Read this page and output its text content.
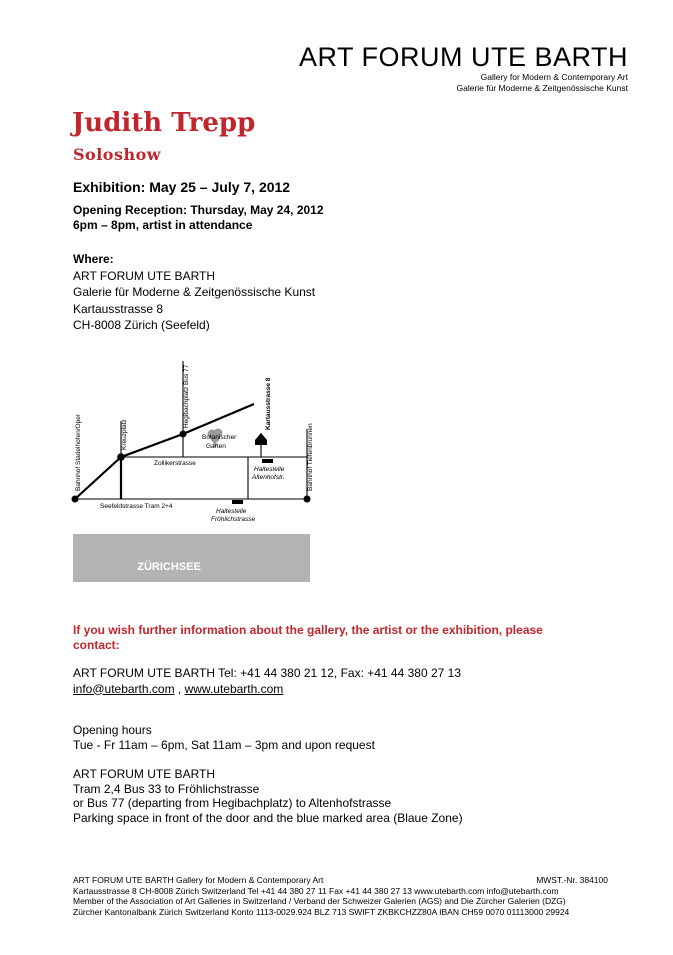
ART FORUM UTE BARTH
Gallery for Modern & Contemporary Art
Galerie für Moderne & Zeitgenössische Kunst
Judith Trepp
Soloshow
Exhibition: May 25 – July 7, 2012
Opening Reception: Thursday, May 24, 2012
6pm – 8pm, artist in attendance
Where:
ART FORUM UTE BARTH
Galerie für Moderne & Zeitgenössische Kunst
Kartausstrasse 8
CH-8008 Zürich (Seefeld)
Bahnhof Stadelhofen/Oper	Kreuzplatz
Hegibachplatz Bus 77	Kartausstrasse 8
Bahnhof Tiefenbrunnen
Botanischer
Garten
Zollikerstrasse
Haltestelle
Altenhofstr.
Seefeldstrasse Tram 2+4
Haltestelle
Fröhlichstrasse
ZÜRICHSEE
If you wish further information about the gallery, the artist or the exhibition, please contact:
ART FORUM UTE BARTH Tel: +41 44 380 21 12, Fax: +41 44 380 27 13
info@utebarth.com , www.utebarth.com
Opening hours
Tue - Fr 11am – 6pm, Sat 11am – 3pm and upon request
ART FORUM UTE BARTH
Tram 2,4 Bus 33 to Fröhlichstrasse
or Bus 77 (departing from Hegibachplatz) to Altenhofstrasse
Parking space in front of the door and the blue marked area (Blaue Zone)
ART FORUM UTE BARTH Gallery for Modern & Contemporary Art	MWST.-Nr. 384100
Kartausstrasse 8 CH-8008 Zürich Switzerland Tel +41 44 380 27 11 Fax +41 44 380 27 13 www.utebarth.com info@utebarth.com
Member of the Association of Art Galleries in Switzerland / Verband der Schweizer Galerien (AGS) and Die Zürcher Galerien (DZG)
Zürcher Kantonalbank Zürich Switzerland Konto 1113-0029.924 BLZ 713 SWIFT ZKBKCHZZ80A IBAN CH59 0070 01113000 29924
